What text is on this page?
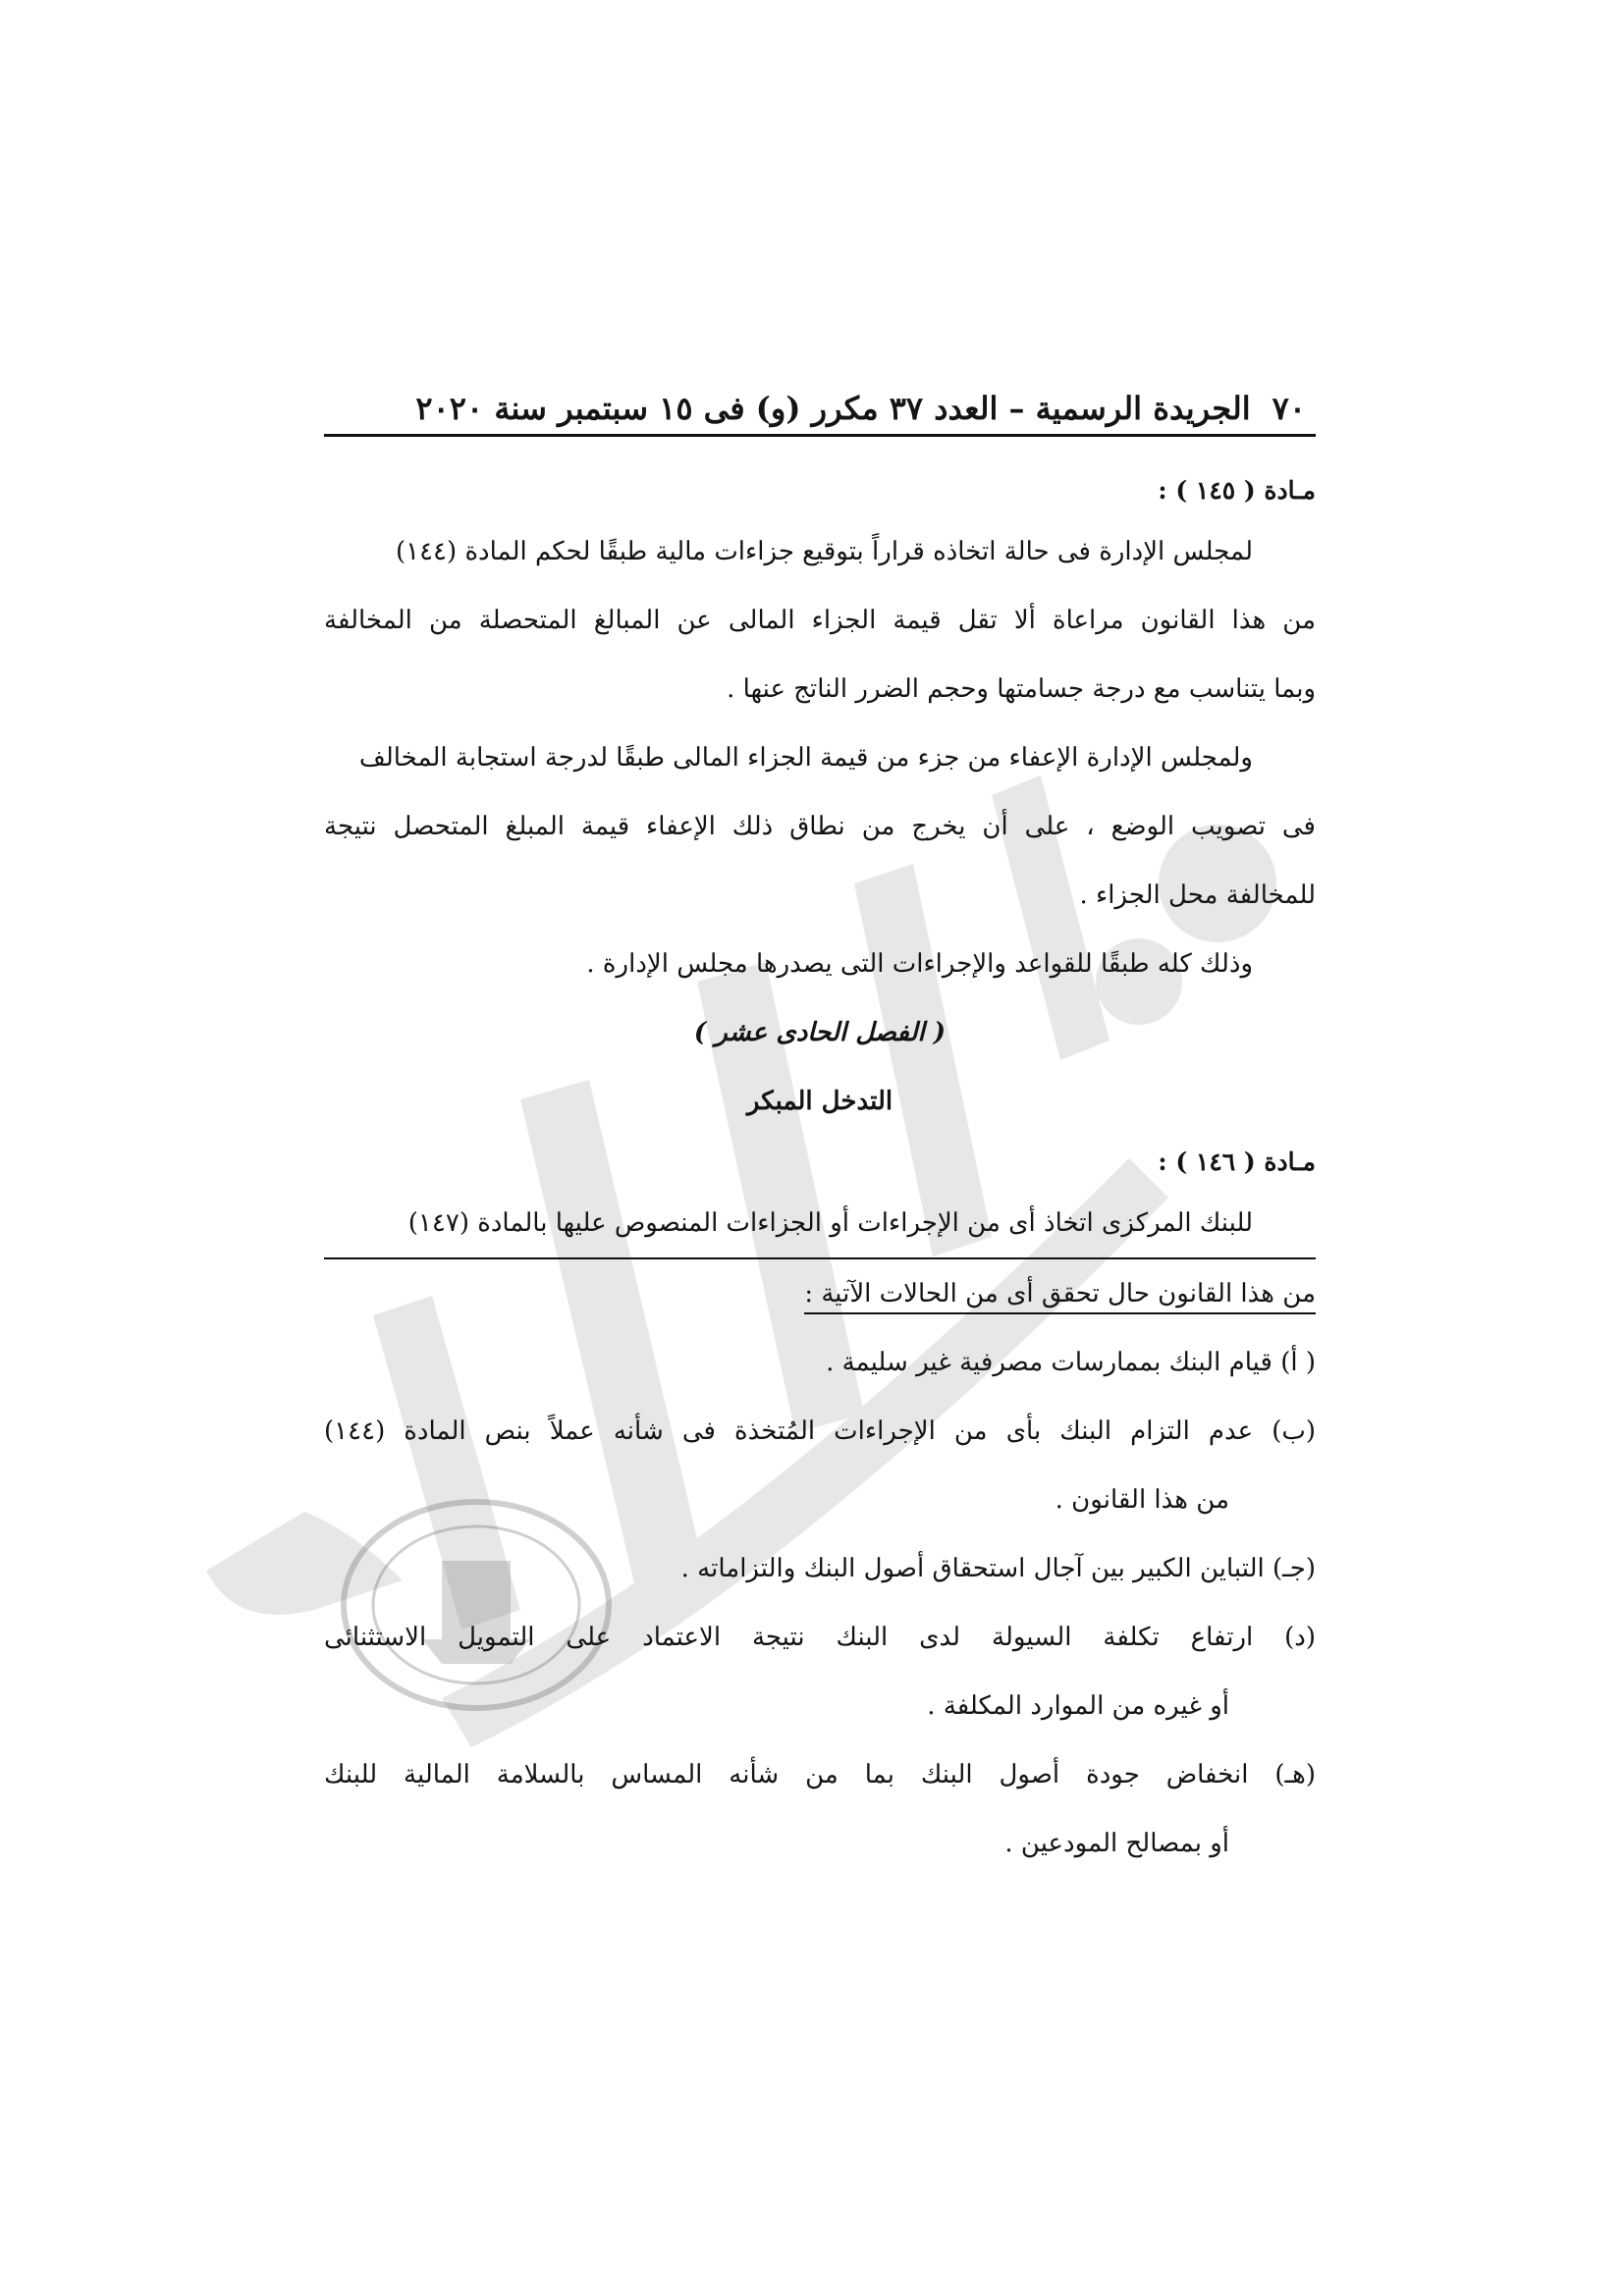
٧٠الجريدة الرسمية – العدد ٣٧ مكرر (و) فى ١٥ سبتمبر سنة ٢٠٢٠
مـادة ( ١٤٥ ) :
لمجلس الإدارة فى حالة اتخاذه قراراً بتوقيع جزاءات مالية طبقًا لحكم المادة (١٤٤)
من هذا القانون مراعاة ألا تقل قيمة الجزاء المالى عن المبالغ المتحصلة من المخالفة
وبما يتناسب مع درجة جسامتها وحجم الضرر الناتج عنها .
ولمجلس الإدارة الإعفاء من جزء من قيمة الجزاء المالى طبقًا لدرجة استجابة المخالف
فى تصويب الوضع ، على أن يخرج من نطاق ذلك الإعفاء قيمة المبلغ المتحصل نتيجة
للمخالفة محل الجزاء .
وذلك كله طبقًا للقواعد والإجراءات التى يصدرها مجلس الإدارة .
( الفصل الحادى عشر )
التدخل المبكر
مـادة ( ١٤٦ ) :
للبنك المركزى اتخاذ أى من الإجراءات أو الجزاءات المنصوص عليها بالمادة (١٤٧)
من هذا القانون حال تحقق أى من الحالات الآتية :
( أ) قيام البنك بممارسات مصرفية غير سليمة .
(ب) عدم التزام البنك بأى من الإجراءات المُتخذة فى شأنه عملاً بنص المادة (١٤٤)
من هذا القانون .
(جـ) التباين الكبير بين آجال استحقاق أصول البنك والتزاماته .
(د) ارتفاع تكلفة السيولة لدى البنك نتيجة الاعتماد على التمويل الاستثنائى
أو غيره من الموارد المكلفة .
(هـ) انخفاض جودة أصول البنك بما من شأنه المساس بالسلامة المالية للبنك
أو بمصالح المودعين .
